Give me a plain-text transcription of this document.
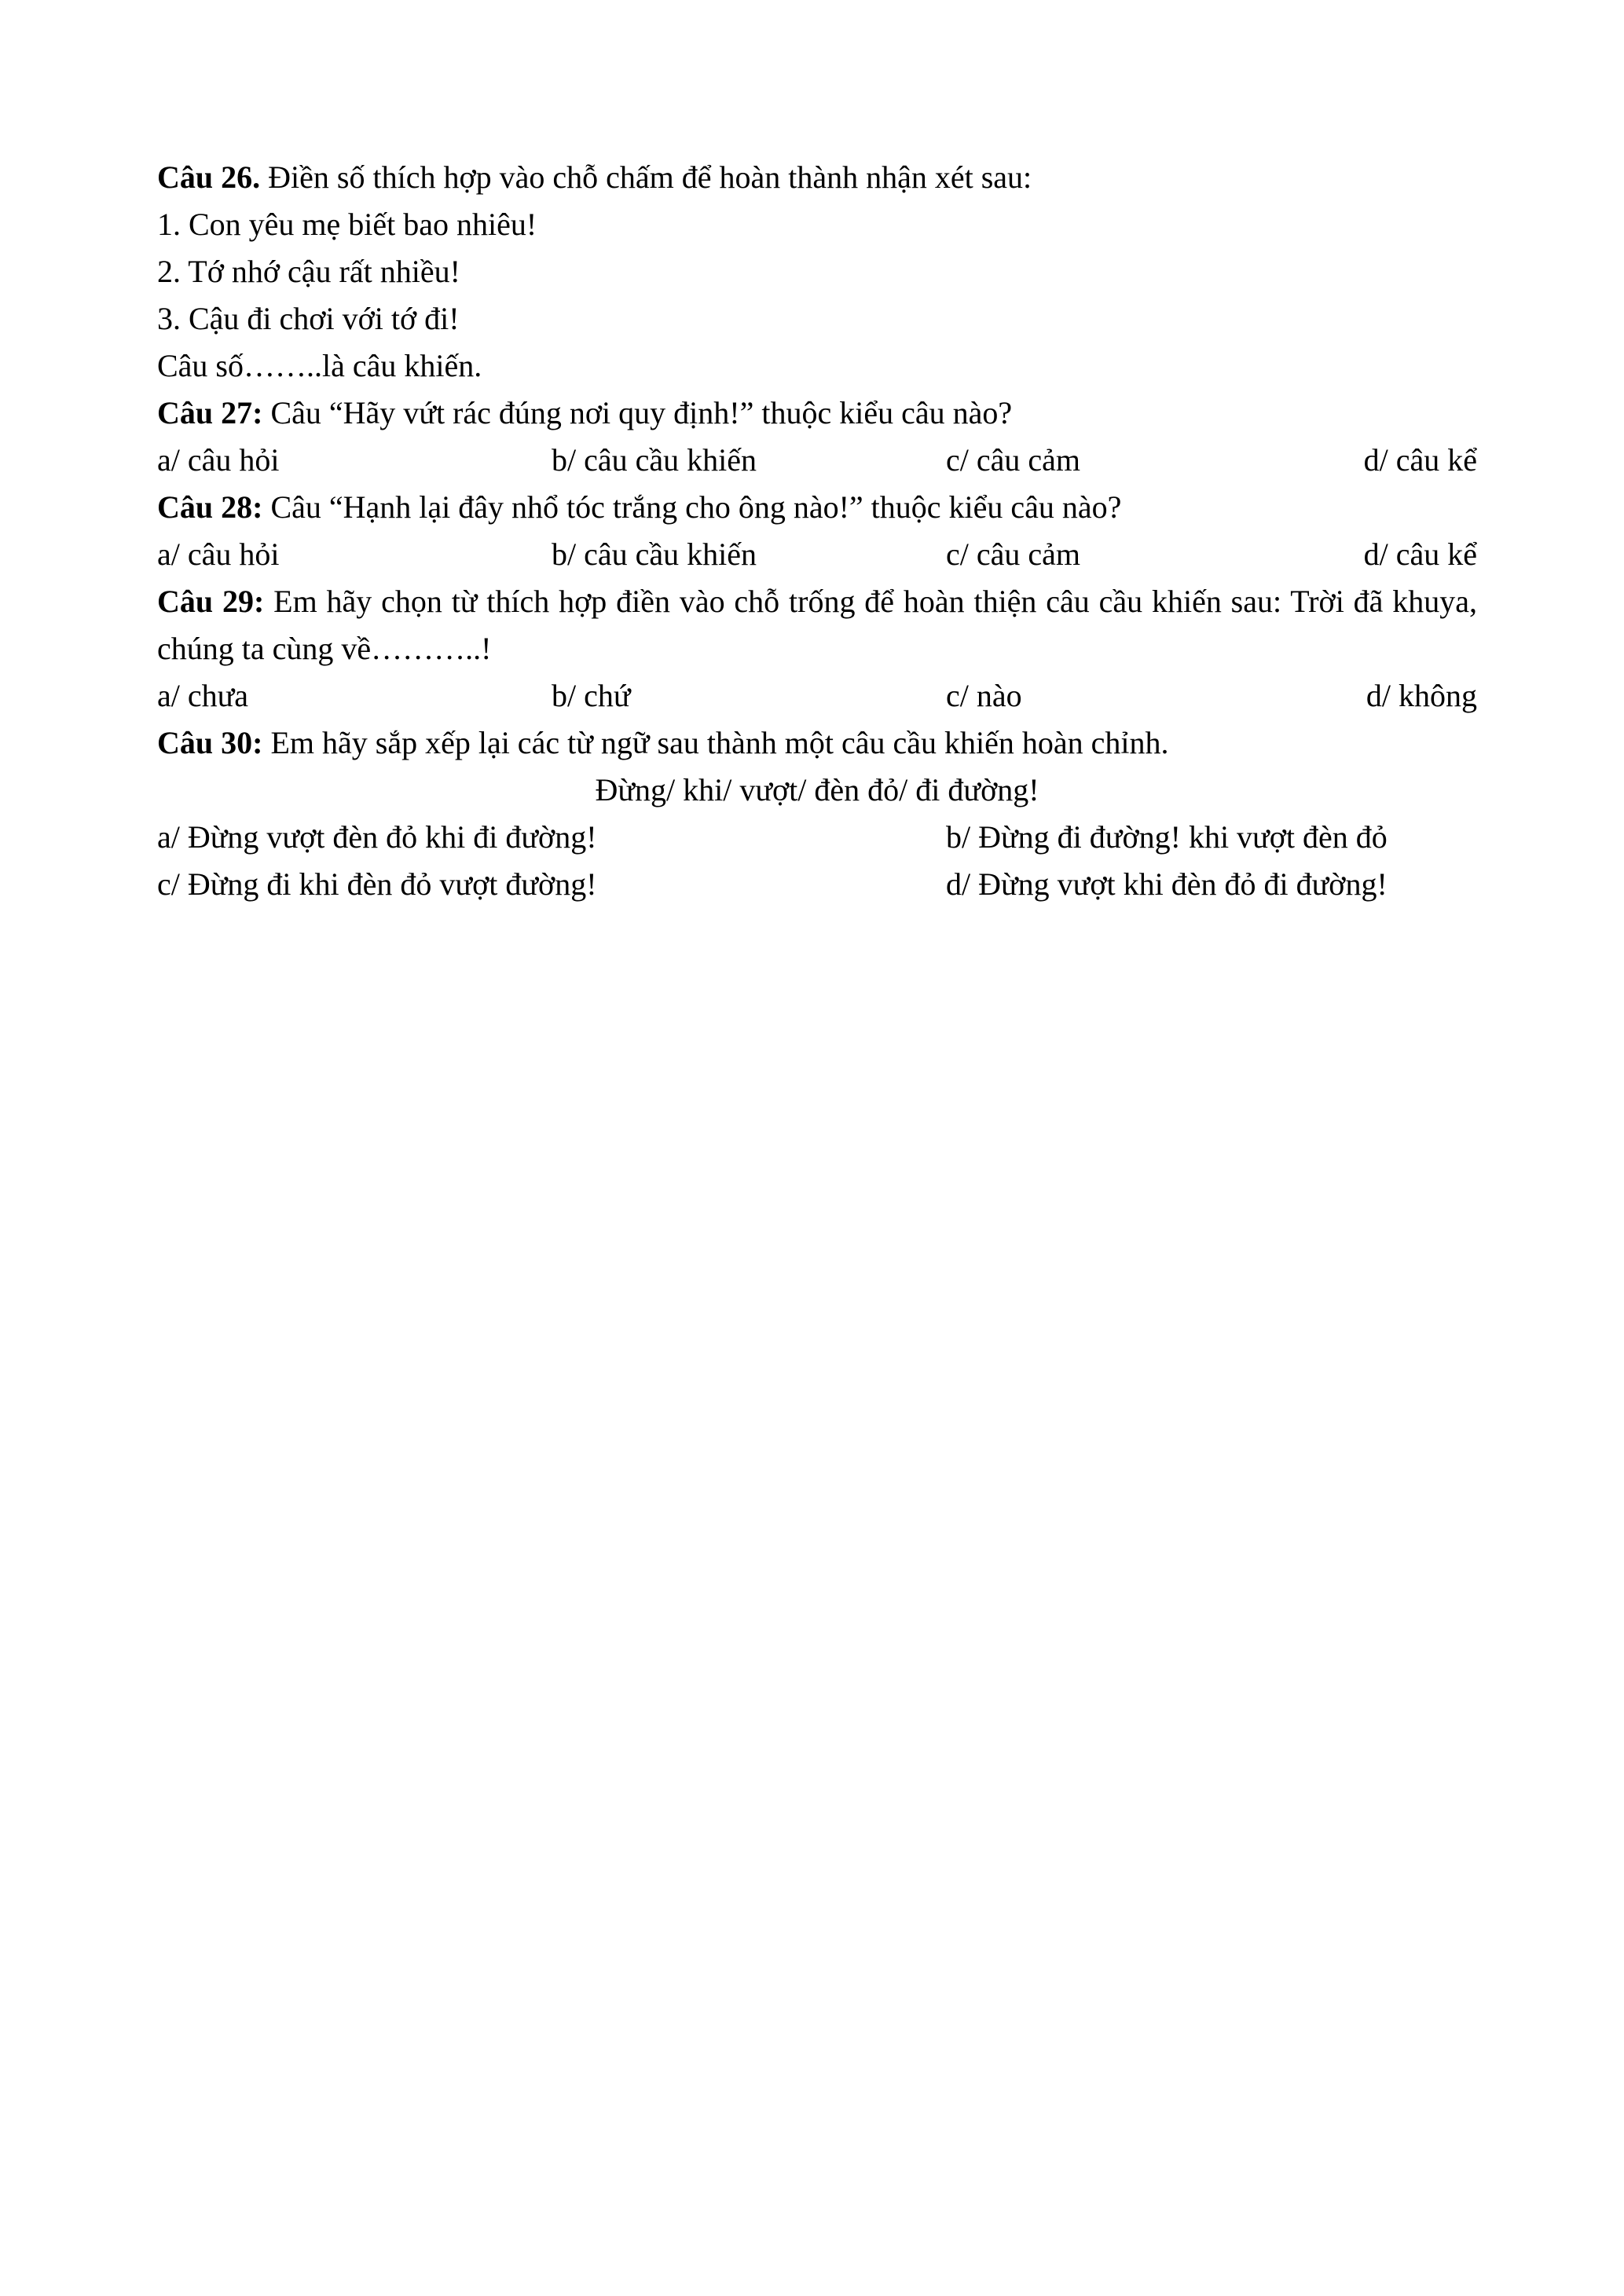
Câu 26. Điền số thích hợp vào chỗ chấm để hoàn thành nhận xét sau:
1. Con yêu mẹ biết bao nhiêu!
2. Tớ nhớ cậu rất nhiều!
3. Cậu đi chơi với tớ đi!
Câu số……..là câu khiến.
Câu 27: Câu “Hãy vứt rác đúng nơi quy định!” thuộc kiểu câu nào?
a/ câu hỏi	b/ câu cầu khiến	c/ câu cảm	d/ câu kể
Câu 28: Câu “Hạnh lại đây nhổ tóc trắng cho ông nào!” thuộc kiểu câu nào?
a/ câu hỏi	b/ câu cầu khiến	c/ câu cảm	d/ câu kể
Câu 29: Em hãy chọn từ thích hợp điền vào chỗ trống để hoàn thiện câu cầu khiến sau: Trời đã khuya, chúng ta cùng về………..!
a/ chưa	b/ chứ	c/ nào	d/ không
Câu 30: Em hãy sắp xếp lại các từ ngữ sau thành một câu cầu khiến hoàn chỉnh.
Đừng/ khi/ vượt/ đèn đỏ/ đi đường!
a/ Đừng vượt đèn đỏ khi đi đường!	b/ Đừng đi đường! khi vượt đèn đỏ
c/ Đừng đi khi đèn đỏ vượt đường!	d/ Đừng vượt khi đèn đỏ đi đường!
